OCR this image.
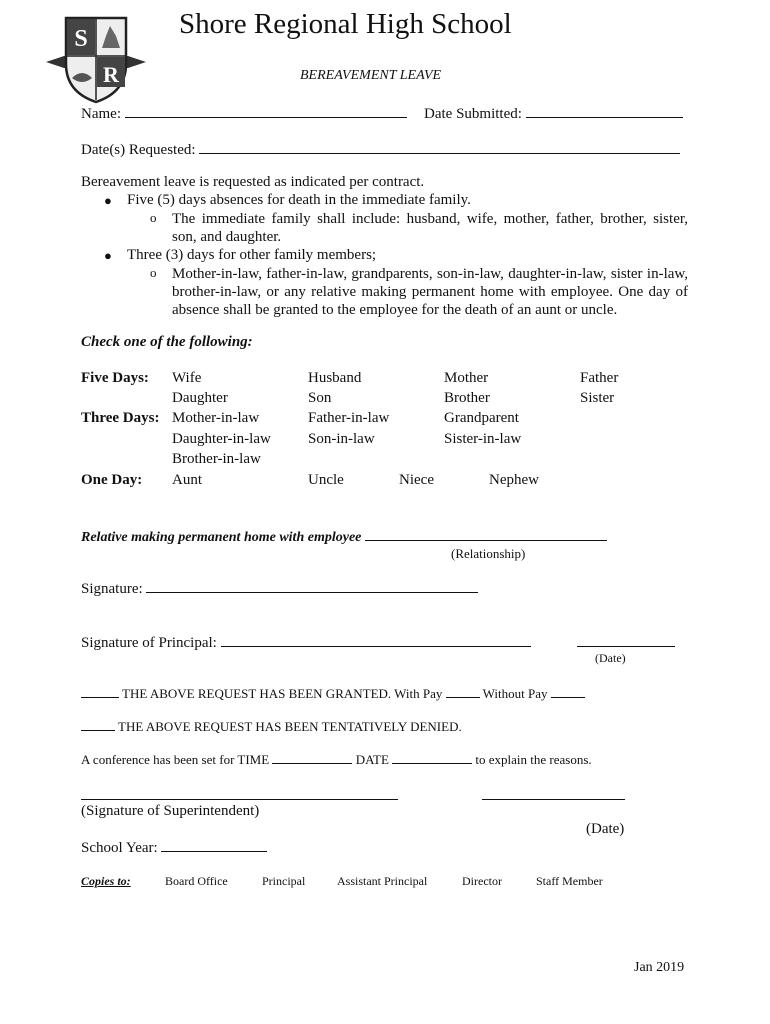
S
R
Shore Regional High School
BEREAVEMENT LEAVE
Name:	Date Submitted:
Date(s) Requested:
Bereavement leave is requested as indicated per contract.
● Five (5) days absences for death in the immediate family.
o The immediate family shall include: husband, wife, mother, father, brother, sister, son, and daughter.
● Three (3) days for other family members;
o Mother-in-law, father-in-law, grandparents, son-in-law, daughter-in-law, sister in-law, brother-in-law, or any relative making permanent home with employee. One day of absence shall be granted to the employee for the death of an aunt or uncle.
Check one of the following:
Five Days: Wife	Husband	Mother	Father
Daughter	Son	Brother	Sister
Three Days: Mother-in-law	Father-in-law	Grandparent
Daughter-in-law Son-in-law	Sister-in-law
Brother-in-law
One Day: Aunt	Uncle	Niece	Nephew
Relative making permanent home with employee
(Relationship)
Signature:
Signature of Principal:
(Date)
THE ABOVE REQUEST HAS BEEN GRANTED. With Pay	Without Pay
THE ABOVE REQUEST HAS BEEN TENTATIVELY DENIED.
A conference has been set for TIME	DATE	to explain the reasons.
(Signature of Superintendent)
(Date)
School Year:
Copies to:	Board Office	Principal	Assistant Principal	Director	Staff Member
Jan 2019
